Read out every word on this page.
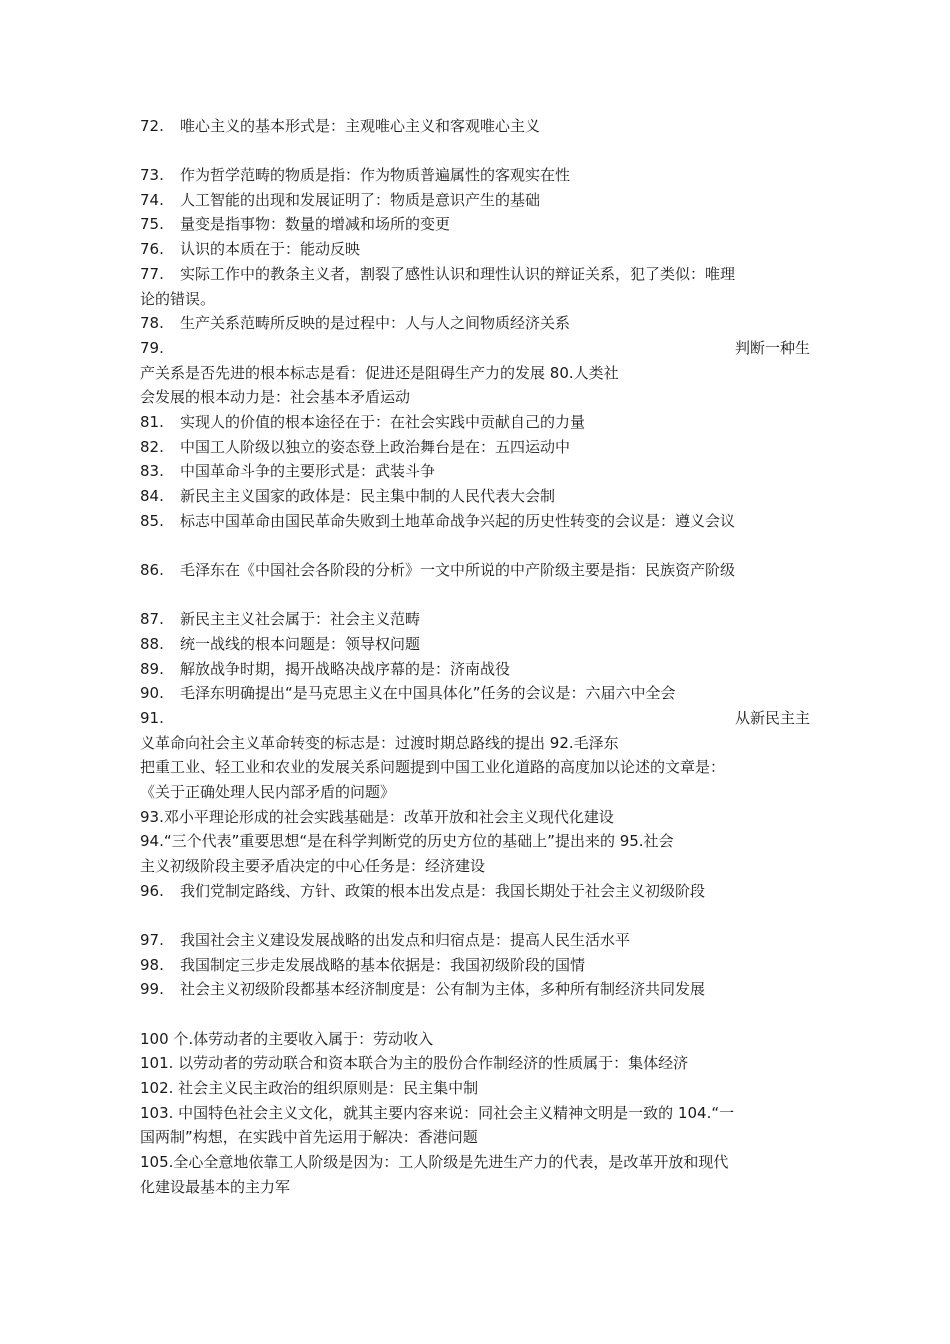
72. 唯心主义的基本形式是：主观唯心主义和客观唯心主义
73. 作为哲学范畴的物质是指：作为物质普遍属性的客观实在性
74. 人工智能的出现和发展证明了：物质是意识产生的基础
75. 量变是指事物：数量的增减和场所的变更
76. 认识的本质在于：能动反映
77. 实际工作中的教条主义者，割裂了感性认识和理性认识的辩证关系，犯了类似：唯理
论的错误。
78. 生产关系范畴所反映的是过程中：人与人之间物质经济关系
79.	判断一种生
产关系是否先进的根本标志是看：促进还是阻碍生产力的发展 80.人类社
会发展的根本动力是：社会基本矛盾运动
81. 实现人的价值的根本途径在于：在社会实践中贡献自己的力量
82. 中国工人阶级以独立的姿态登上政治舞台是在：五四运动中
83. 中国革命斗争的主要形式是：武装斗争
84. 新民主主义国家的政体是：民主集中制的人民代表大会制
85. 标志中国革命由国民革命失败到土地革命战争兴起的历史性转变的会议是：遵义会议
86. 毛泽东在《中国社会各阶段的分析》一文中所说的中产阶级主要是指：民族资产阶级
87. 新民主主义社会属于：社会主义范畴
88. 统一战线的根本问题是：领导权问题
89. 解放战争时期，揭开战略决战序幕的是：济南战役
90. 毛泽东明确提出“是马克思主义在中国具体化”任务的会议是：六届六中全会
91.	从新民主主
义革命向社会主义革命转变的标志是：过渡时期总路线的提出 92.毛泽东
把重工业、轻工业和农业的发展关系问题提到中国工业化道路的高度加以论述的文章是：
《关于正确处理人民内部矛盾的问题》
93.邓小平理论形成的社会实践基础是：改革开放和社会主义现代化建设
94.“三个代表”重要思想“是在科学判断党的历史方位的基础上”提出来的 95.社会
主义初级阶段主要矛盾决定的中心任务是：经济建设
96. 我们党制定路线、方针、政策的根本出发点是：我国长期处于社会主义初级阶段
97. 我国社会主义建设发展战略的出发点和归宿点是：提高人民生活水平
98. 我国制定三步走发展战略的基本依据是：我国初级阶段的国情
99. 社会主义初级阶段都基本经济制度是：公有制为主体，多种所有制经济共同发展
100 个.体劳动者的主要收入属于：劳动收入
101. 以劳动者的劳动联合和资本联合为主的股份合作制经济的性质属于：集体经济
102. 社会主义民主政治的组织原则是：民主集中制
103. 中国特色社会主义文化，就其主要内容来说：同社会主义精神文明是一致的 104.“一
国两制”构想，在实践中首先运用于解决：香港问题
105.全心全意地依靠工人阶级是因为：工人阶级是先进生产力的代表，是改革开放和现代
化建设最基本的主力军
